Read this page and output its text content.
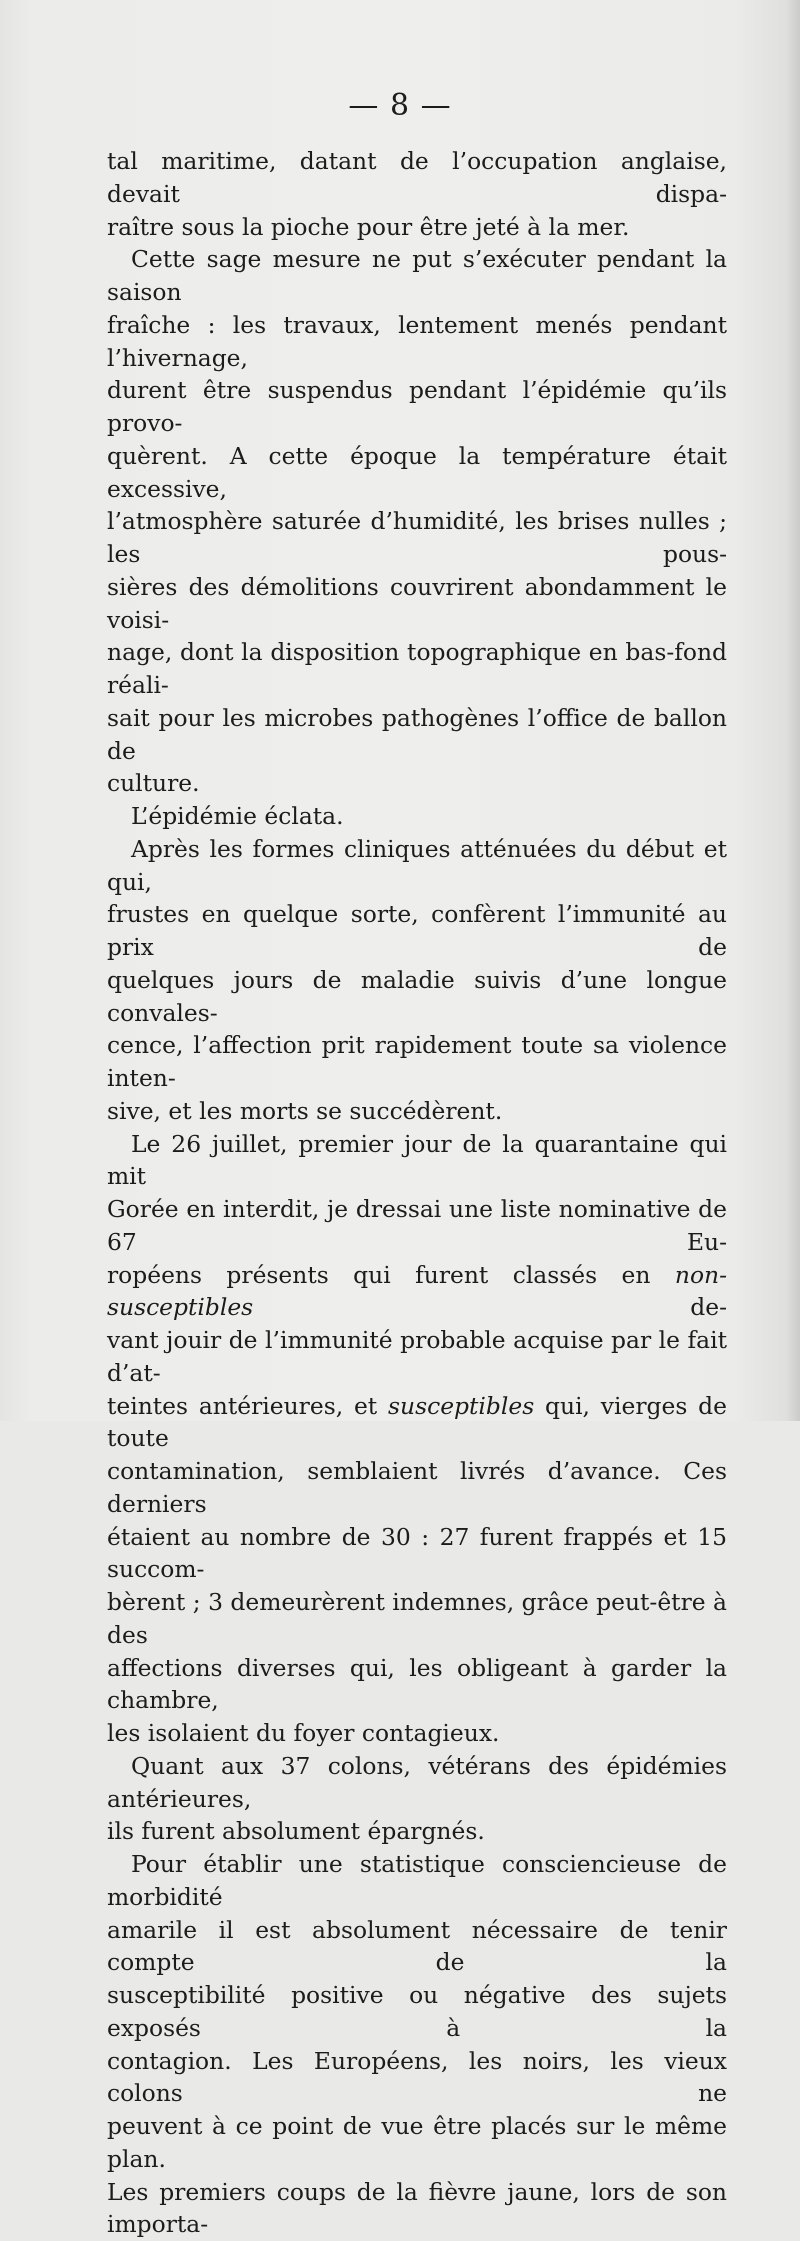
— 8 —

tal maritime, datant de l’occupation anglaise, devait dispa-

raître sous la pioche pour être jeté à la mer.

Cette sage mesure ne put s’exécuter pendant la saison

fraîche : les travaux, lentement menés pendant l’hivernage,

durent être suspendus pendant l’épidémie qu’ils provo-

quèrent. A cette époque la température était excessive,

l’atmosphère saturée d’humidité, les brises nulles ; les pous-

sières des démolitions couvrirent abondamment le voisi-

nage, dont la disposition topographique en bas-fond réali-

sait pour les microbes pathogènes l’office de ballon de

culture.

L’épidémie éclata.

Après les formes cliniques atténuées du début et qui,

frustes en quelque sorte, confèrent l’immunité au prix de

quelques jours de maladie suivis d’une longue convales-

cence, l’affection prit rapidement toute sa violence inten-

sive, et les morts se succédèrent.

Le 26 juillet, premier jour de la quarantaine qui mit

Gorée en interdit, je dressai une liste nominative de 67 Eu-

ropéens présents qui furent classés en non-susceptibles de-

vant jouir de l’immunité probable acquise par le fait d’at-

teintes antérieures, et susceptibles qui, vierges de toute

contamination, semblaient livrés d’avance. Ces derniers

étaient au nombre de 30 : 27 furent frappés et 15 succom-

bèrent ; 3 demeurèrent indemnes, grâce peut-être à des

affections diverses qui, les obligeant à garder la chambre,

les isolaient du foyer contagieux.

Quant aux 37 colons, vétérans des épidémies antérieures,

ils furent absolument épargnés.

Pour établir une statistique consciencieuse de morbidité

amarile il est absolument nécessaire de tenir compte de la

susceptibilité positive ou négative des sujets exposés à la

contagion. Les Européens, les noirs, les vieux colons ne

peuvent à ce point de vue être placés sur le même plan.

Les premiers coups de la fièvre jaune, lors de son importa-
